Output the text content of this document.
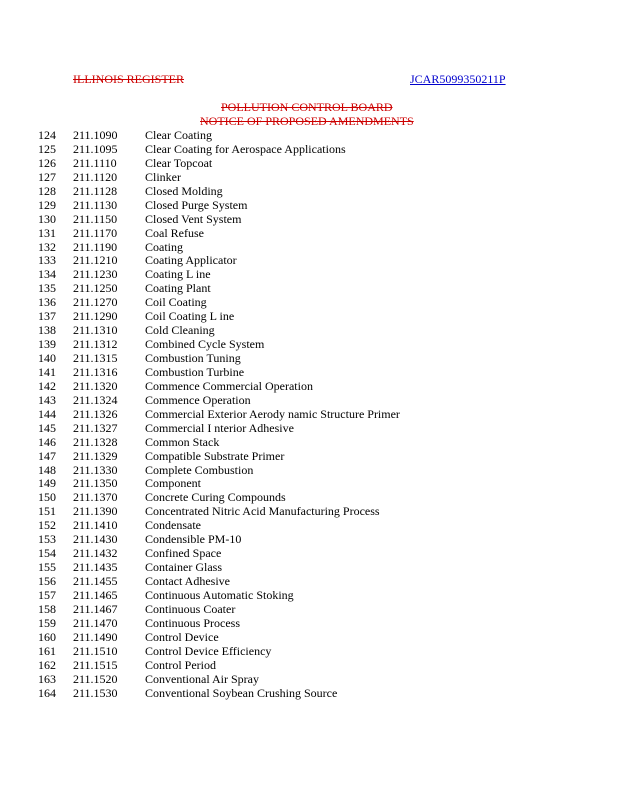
ILLINOIS REGISTER	JCAR5099350211P
POLLUTION CONTROL BOARD
NOTICE OF PROPOSED AMENDMENTS
124 211.1090 Clear Coating
125 211.1095 Clear Coating for Aerospace Applications
126 211.1110 Clear Topcoat
127 211.1120 Clinker
128 211.1128 Closed Molding
129 211.1130 Closed Purge System
130 211.1150 Closed Vent System
131 211.1170 Coal Refuse
132 211.1190 Coating
133 211.1210 Coating Applicator
134 211.1230 Coating L ine
135 211.1250 Coating Plant
136 211.1270 Coil Coating
137 211.1290 Coil Coating L ine
138 211.1310 Cold Cleaning
139 211.1312 Combined Cycle System
140 211.1315 Combustion Tuning
141 211.1316 Combustion Turbine
142 211.1320 Commence Commercial Operation
143 211.1324 Commence Operation
144 211.1326 Commercial Exterior Aerody namic Structure Primer
145 211.1327 Commercial I nterior Adhesive
146 211.1328 Common Stack
147 211.1329 Compatible Substrate Primer
148 211.1330 Complete Combustion
149 211.1350 Component
150 211.1370 Concrete Curing Compounds
151 211.1390 Concentrated Nitric Acid Manufacturing Process
152 211.1410 Condensate
153 211.1430 Condensible PM-10
154 211.1432 Confined Space
155 211.1435 Container Glass
156 211.1455 Contact Adhesive
157 211.1465 Continuous Automatic Stoking
158 211.1467 Continuous Coater
159 211.1470 Continuous Process
160 211.1490 Control Device
161 211.1510 Control Device Efficiency
162 211.1515 Control Period
163 211.1520 Conventional Air Spray
164 211.1530 Conventional Soybean Crushing Source
